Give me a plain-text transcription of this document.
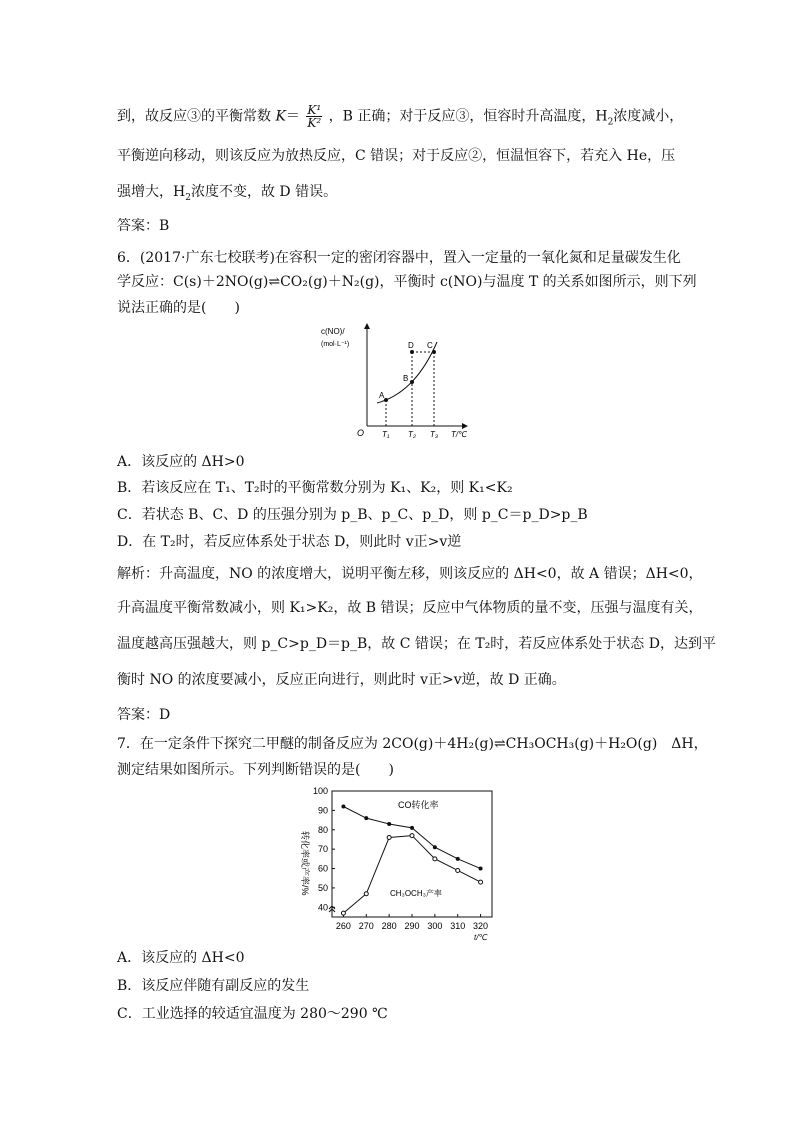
到，故反应③的平衡常数 $K= \frac{\text{K¹}}{\text{K²}}$ ，B 正确；对于反应③，恒容时升高温度，$H_2$浓度减小，
平衡逆向移动，则该反应为放热反应，C 错误；对于反应②，恒温恒容下，若充入 He，压
强增大，$H_2$浓度不变，故 D 错误。
答案：B
6．(2017·广东七校联考)在容积一定的密闭容器中，置入一定量的一氧化氮和足量碳发生化
学反应：C(s)＋2NO(g)⇌CO₂(g)＋N₂(g)，平衡时 c(NO)与温度 T 的关系如图所示，则下列
说法正确的是(　　)
c(NO)/
(mol·L⁻¹)
O	T/℃
A
B
C
D
T₁ T₂ T₃
A．该反应的 ΔH>0
B．若该反应在 T₁、T₂时的平衡常数分别为 K₁、K₂，则 K₁<K₂
C．若状态 B、C、D 的压强分别为 p_B、p_C、p_D，则 p_C＝p_D>p_B
D．在 T₂时，若反应体系处于状态 D，则此时 v正>v逆
解析：升高温度，NO 的浓度增大，说明平衡左移，则该反应的 ΔH<0，故 A 错误；ΔH<0，
升高温度平衡常数减小，则 K₁>K₂，故 B 错误；反应中气体物质的量不变，压强与温度有关，
温度越高压强越大，则 p_C>p_D＝p_B，故 C 错误；在 T₂时，若反应体系处于状态 D，达到平
衡时 NO 的浓度要减小，反应正向进行，则此时 v正>v逆，故 D 正确。
答案：D
7．在一定条件下探究二甲醚的制备反应为 2CO(g)＋4H₂(g)⇌CH₃OCH₃(g)＋H₂O(g)　ΔH，
测定结果如图所示。下列判断错误的是(　　)
转化率或产率/%
t/℃
40
50
60
70
80
90
100
260 270 280 290 300 310 320
CO转化率
CH₃OCH₃产率
A．该反应的 ΔH<0
B．该反应伴随有副反应的发生
C．工业选择的较适宜温度为 280～290 ℃
